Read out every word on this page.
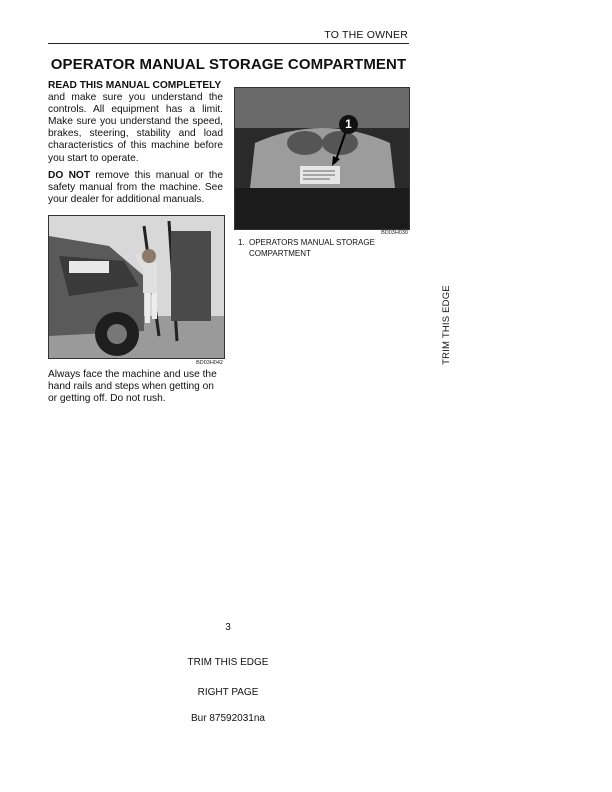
TO THE OWNER
OPERATOR MANUAL STORAGE COMPARTMENT
READ THIS MANUAL COMPLETELY
and make sure you understand the controls. All equipment has a limit. Make sure you understand the speed, brakes, steering, stability and load characteristics of this machine before you start to operate.
DO NOT remove this manual or the safety manual from the machine. See your dealer for additional manuals.
BD03H042
Always face the machine and use the hand rails and steps when getting on or getting off. Do not rush.
1
BD03H030
1. OPERATORS MANUAL STORAGE COMPARTMENT
TRIM THIS EDGE
3
TRIM THIS EDGE
RIGHT PAGE
Bur 87592031na
